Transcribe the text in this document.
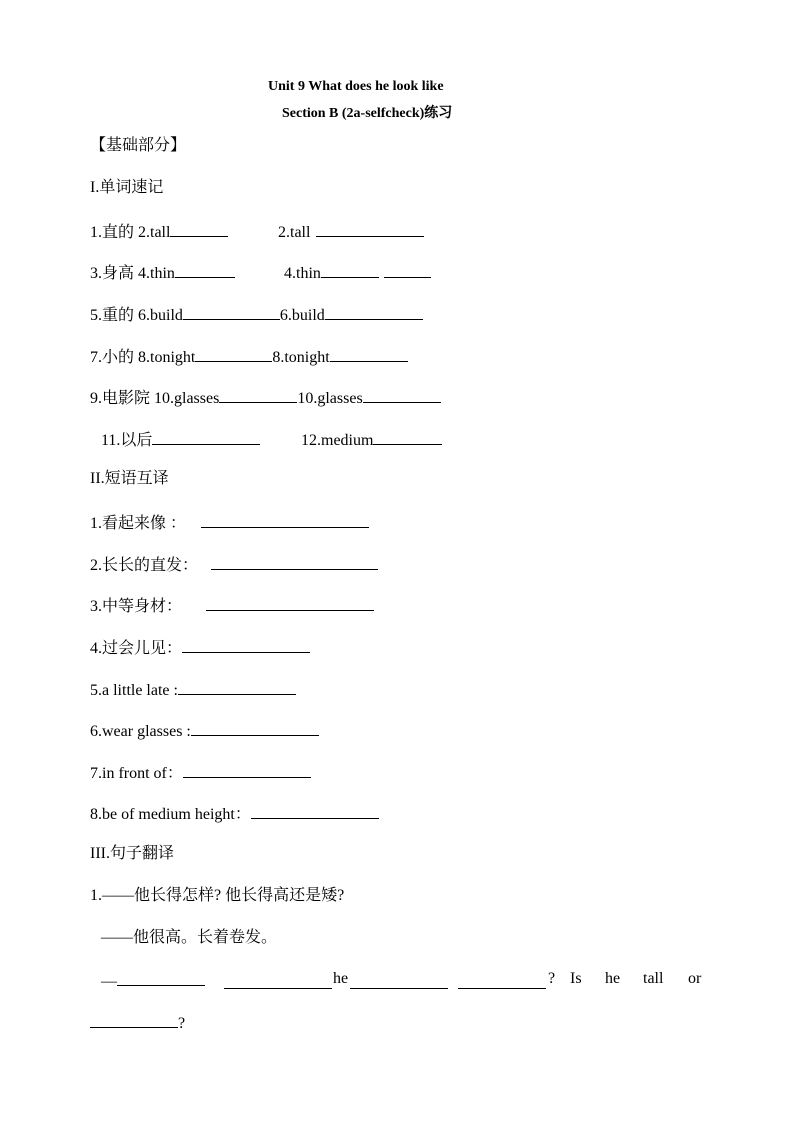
Unit 9 What does he look like
Section B (2a-selfcheck)练习
【基础部分】
I.单词速记
1.直的 2.tall	2.tall
3.身高 4.thin	4.thin
5.重的 6.build	6.build
7.小的 8.tonight	8.tonight
9.电影院 10.glasses	10.glasses
11.以后	12.medium
II.短语互译
1.看起来像 ：
2.长长的直发：
3.中等身材：
4.过会儿见：
5.a little late :
6.wear glasses :
7.in front of：
8.be of medium height：
III.句子翻译
1.——他长得怎样? 他长得高还是矮?
——他很高。长着卷发。
—	he	? Is he tall or
?
